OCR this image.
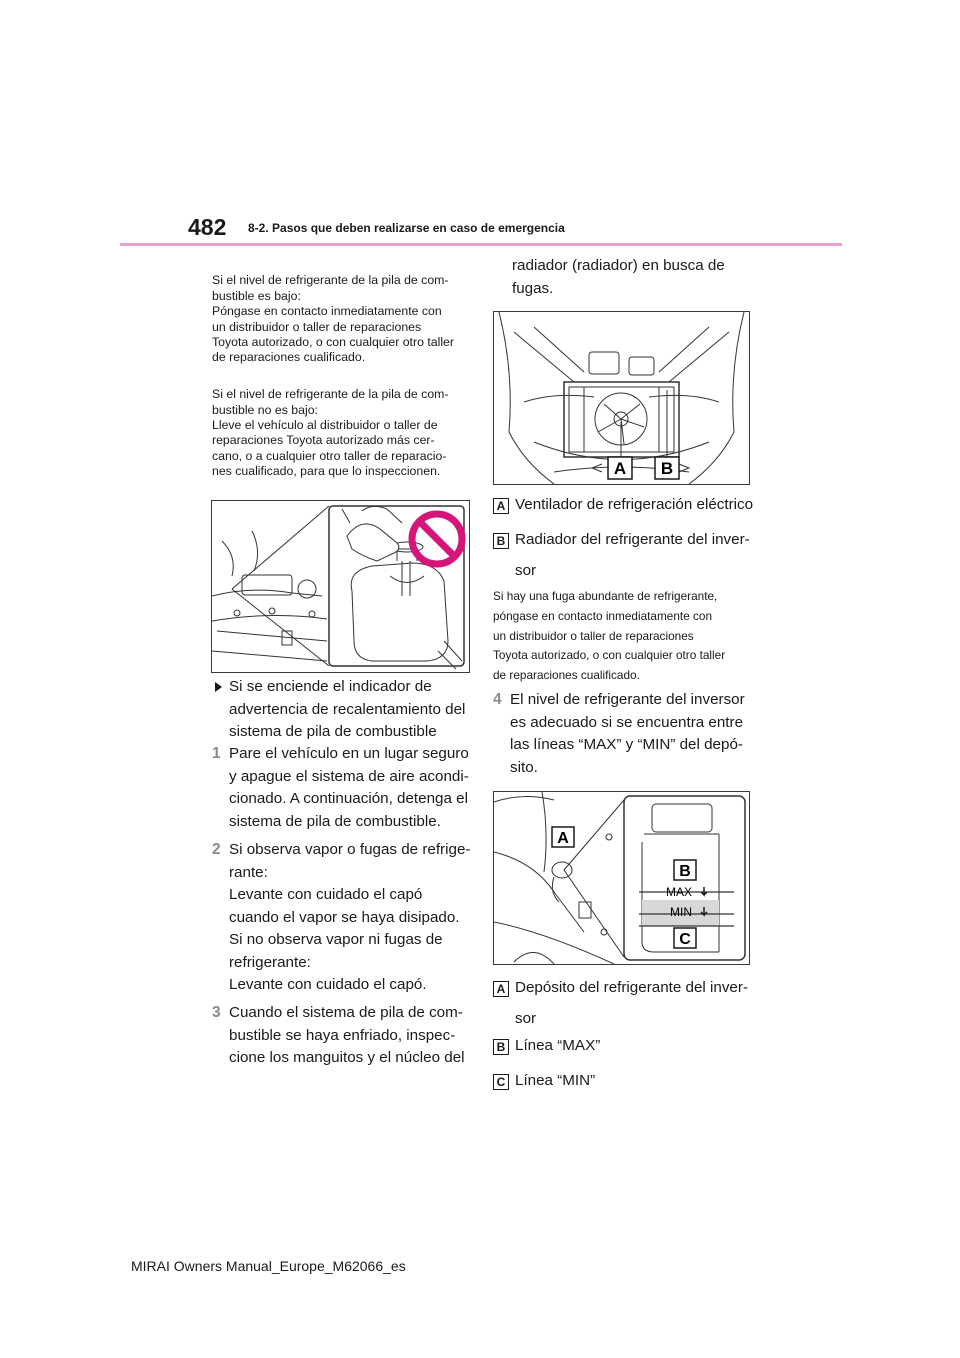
482 8-2. Pasos que deben realizarse en caso de emergencia

Si el nivel de refrigerante de la pila de com-
bustible es bajo:
Póngase en contacto inmediatamente con
un distribuidor o taller de reparaciones
Toyota autorizado, o con cualquier otro taller
de reparaciones cualificado.

Si el nivel de refrigerante de la pila de com-
bustible no es bajo:
Lleve el vehículo al distribuidor o taller de
reparaciones Toyota autorizado más cer-
cano, o a cualquier otro taller de reparacio-
nes cualificado, para que lo inspeccionen.

Si se enciende el indicador de
advertencia de recalentamiento del
sistema de pila de combustible

1 Pare el vehículo en un lugar seguro
y apague el sistema de aire acondi-
cionado. A continuación, detenga el
sistema de pila de combustible.

2 Si observa vapor o fugas de refrige-
rante:
Levante con cuidado el capó
cuando el vapor se haya disipado.
Si no observa vapor ni fugas de
refrigerante:
Levante con cuidado el capó.

3 Cuando el sistema de pila de com-
bustible se haya enfriado, inspec-
cione los manguitos y el núcleo del

radiador (radiador) en busca de
fugas.
A B
A Ventilador de refrigeración eléctrico
B Radiador del refrigerante del inver-
sor
Si hay una fuga abundante de refrigerante,
póngase en contacto inmediatamente con
un distribuidor o taller de reparaciones
Toyota autorizado, o con cualquier otro taller
de reparaciones cualificado.
4 El nivel de refrigerante del inversor
es adecuado si se encuentra entre
las líneas “MAX” y “MIN” del depó-
sito.

MAX
MIN
A
B
C
A Depósito del refrigerante del inver-
sor
B Línea “MAX”
C Línea “MIN”
MIRAI Owners Manual_Europe_M62066_es
